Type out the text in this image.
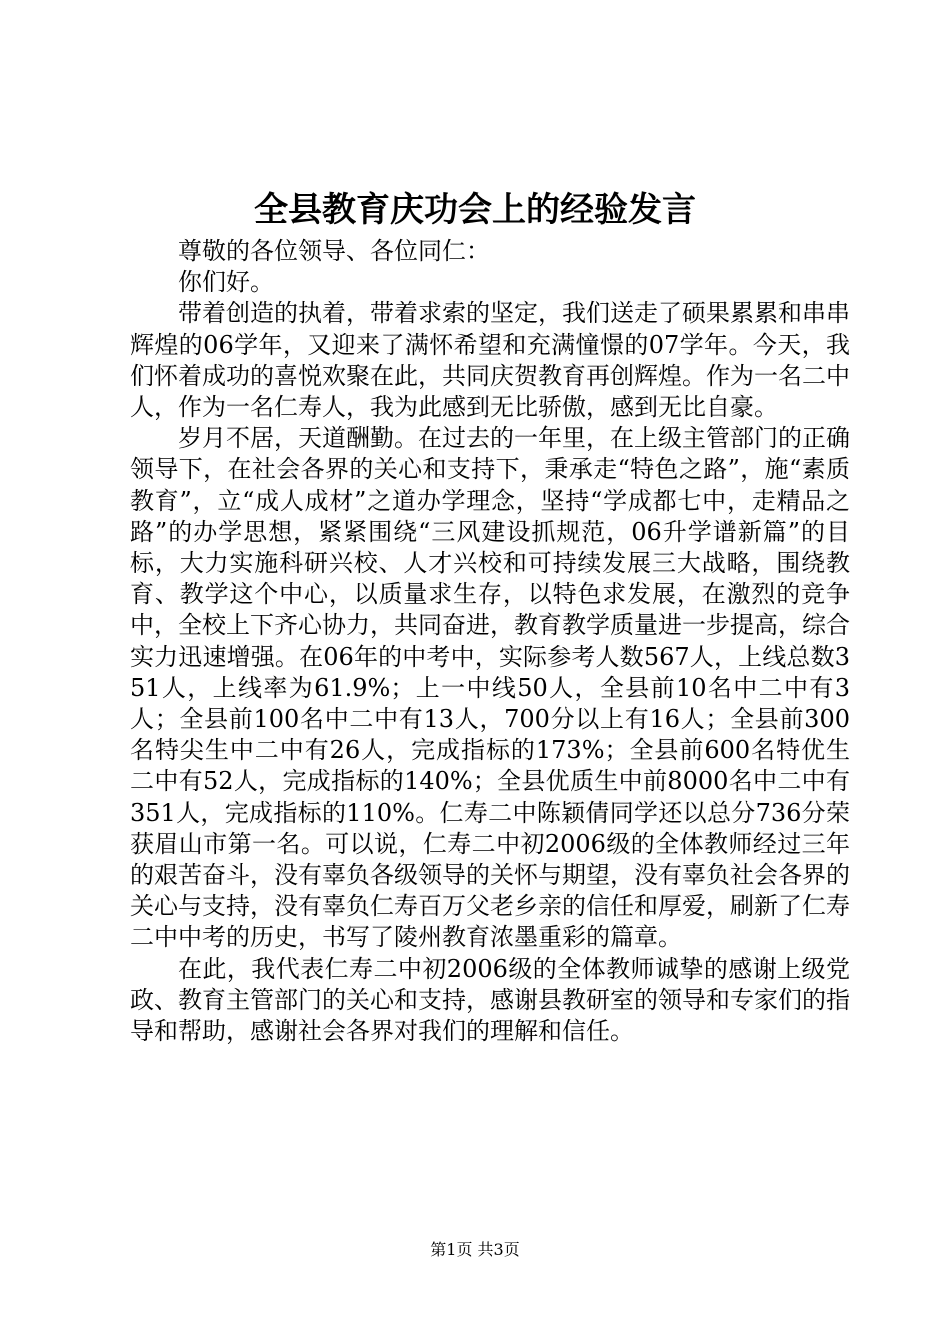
全县教育庆功会上的经验发言

尊敬的各位领导、各位同仁：

你们好。

带着创造的执着，带着求索的坚定，我们送走了硕果累累和串串辉煌的06学年，又迎来了满怀希望和充满憧憬的07学年。今天，我们怀着成功的喜悦欢聚在此，共同庆贺教育再创辉煌。作为一名二中人，作为一名仁寿人，我为此感到无比骄傲，感到无比自豪。

岁月不居，天道酬勤。在过去的一年里，在上级主管部门的正确领导下，在社会各界的关心和支持下，秉承走“特色之路”，施“素质教育”，立“成人成材”之道办学理念，坚持“学成都七中，走精品之路”的办学思想，紧紧围绕“三风建设抓规范，06升学谱新篇”的目标，大力实施科研兴校、人才兴校和可持续发展三大战略，围绕教育、教学这个中心，以质量求生存，以特色求发展，在激烈的竞争中，全校上下齐心协力，共同奋进，教育教学质量进一步提高，综合实力迅速增强。在06年的中考中，实际参考人数567人，上线总数351人，上线率为61.9%；上一中线50人，全县前10名中二中有3人；全县前100名中二中有13人，700分以上有16人；全县前300名特尖生中二中有26人，完成指标的173%；全县前600名特优生二中有52人，完成指标的140%；全县优质生中前8000名中二中有351人，完成指标的110%。仁寿二中陈颖倩同学还以总分736分荣获眉山市第一名。可以说，仁寿二中初2006级的全体教师经过三年的艰苦奋斗，没有辜负各级领导的关怀与期望，没有辜负社会各界的关心与支持，没有辜负仁寿百万父老乡亲的信任和厚爱，刷新了仁寿二中中考的历史，书写了陵州教育浓墨重彩的篇章。

在此，我代表仁寿二中初2006级的全体教师诚挚的感谢上级党政、教育主管部门的关心和支持，感谢县教研室的领导和专家们的指导和帮助，感谢社会各界对我们的理解和信任。

第1页 共3页
